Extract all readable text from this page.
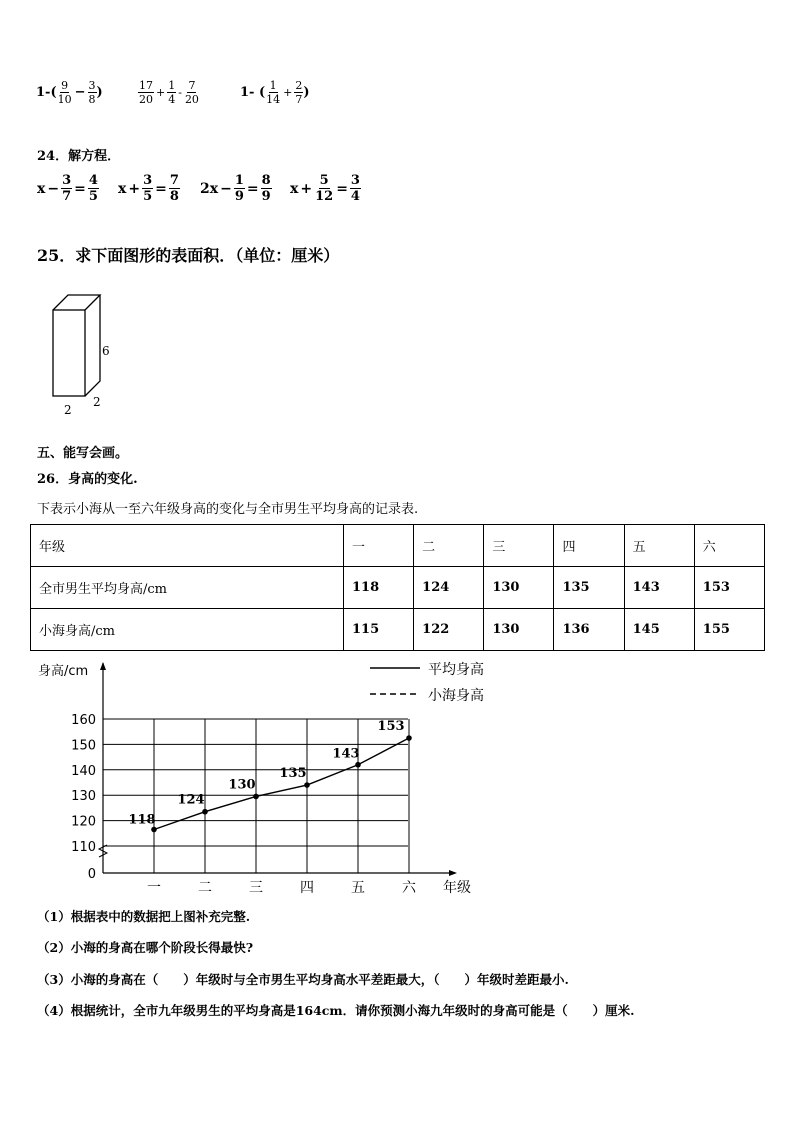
$1-( \frac{9}{10} - \frac{3}{8}$ )	$\frac{17}{20} + \frac{1}{4} - \frac{7}{20}$	1- ( $\frac{1}{14} + \frac{2}{7}$ )
24．解方程．
$x - \frac{3}{7} = \frac{4}{5}$ $x + \frac{3}{5} = \frac{7}{8} 2x - \frac{1}{9} = \frac{8}{9}$ $x + \frac{5}{12} = \frac{3}{4}$
25．求下面图形的表面积．（单位：厘米）
6
2
2
五、能写会画。
26．身高的变化.
下表示小海从一至六年级身高的变化与全市男生平均身高的记录表.
年级	一	二	三	四	五	六
全市男生平均身高/cm	118	124	130	135	143	153
小海身高/cm	115	122	130	136	145	155
160
150
140
130
120
110
0
身高/cm
一	二	三	四	五	六 年级
平均身高
小海身高
118
124
130
135
143
153
（1）根据表中的数据把上图补充完整.
（2）小海的身高在哪个阶段长得最快?
（3）小海的身高在（　　）年级时与全市男生平均身高水平差距最大，（　　）年级时差距最小.
（4）根据统计，全市九年级男生的平均身高是164cm．请你预测小海九年级时的身高可能是（　　）厘米.
